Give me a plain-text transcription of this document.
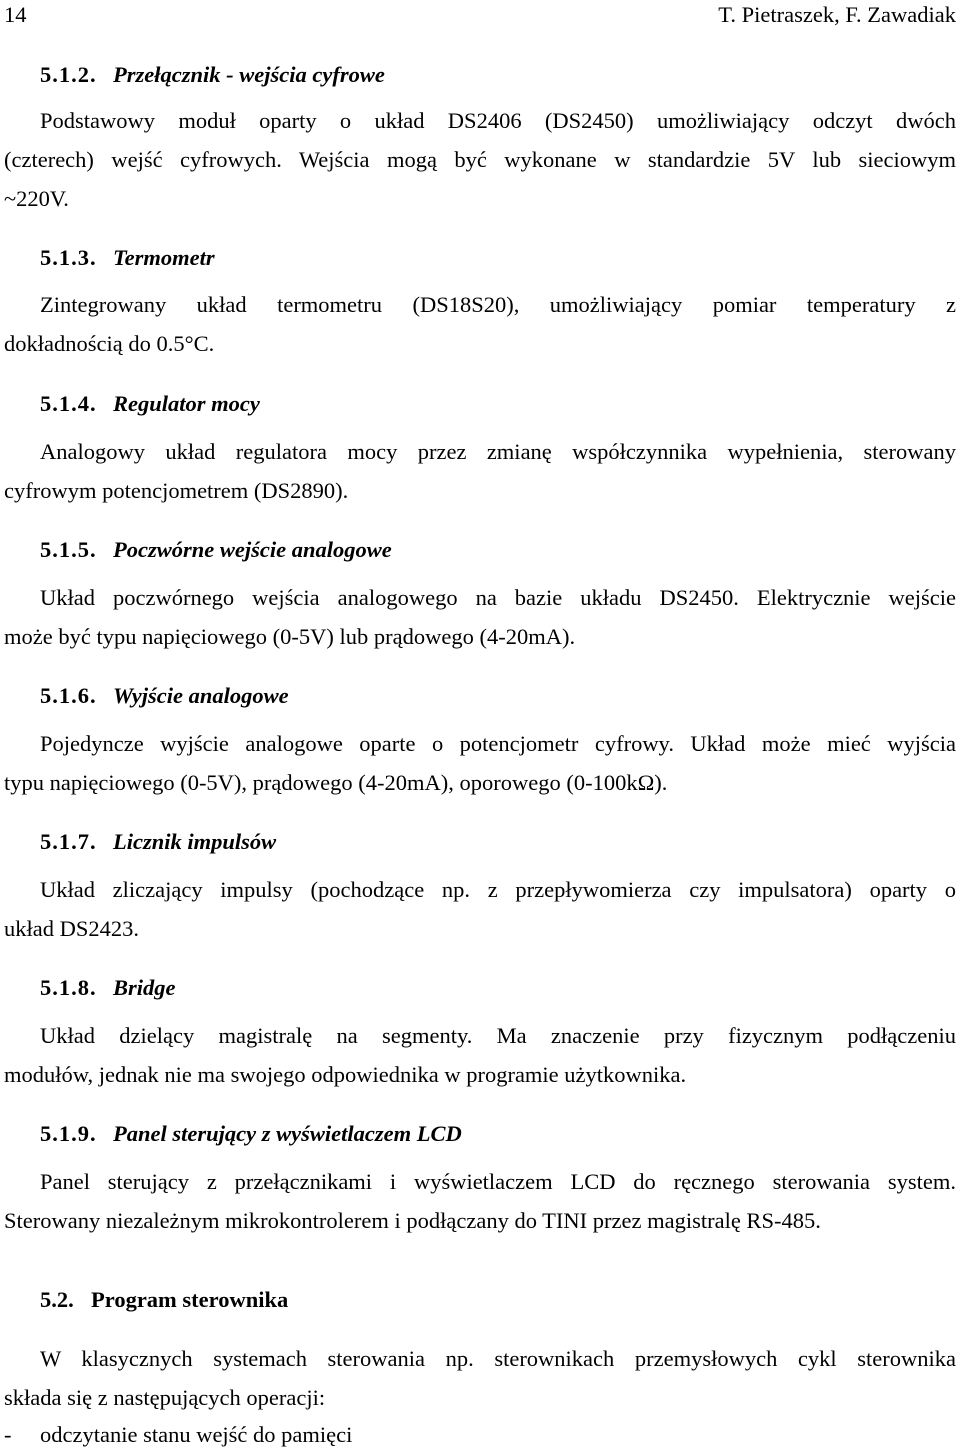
14	T. Pietraszek, F. Zawadiak
5.1.2. Przełącznik - wejścia cyfrowe
Podstawowy moduł oparty o układ DS2406 (DS2450) umożliwiający odczyt dwóch
(czterech) wejść cyfrowych. Wejścia mogą być wykonane w standardzie 5V lub sieciowym
~220V.
5.1.3. Termometr
Zintegrowany układ termometru (DS18S20), umożliwiający pomiar temperatury z
dokładnością do 0.5°C.
5.1.4. Regulator mocy
Analogowy układ regulatora mocy przez zmianę współczynnika wypełnienia, sterowany
cyfrowym potencjometrem (DS2890).
5.1.5. Poczwórne wejście analogowe
Układ poczwórnego wejścia analogowego na bazie układu DS2450. Elektrycznie wejście
może być typu napięciowego (0-5V) lub prądowego (4-20mA).
5.1.6. Wyjście analogowe
Pojedyncze wyjście analogowe oparte o potencjometr cyfrowy. Układ może mieć wyjścia
typu napięciowego (0-5V), prądowego (4-20mA), oporowego (0-100kΩ).
5.1.7. Licznik impulsów
Układ zliczający impulsy (pochodzące np. z przepływomierza czy impulsatora) oparty o
układ DS2423.
5.1.8. Bridge
Układ dzielący magistralę na segmenty. Ma znaczenie przy fizycznym podłączeniu
modułów, jednak nie ma swojego odpowiednika w programie użytkownika.
5.1.9. Panel sterujący z wyświetlaczem LCD
Panel sterujący z przełącznikami i wyświetlaczem LCD do ręcznego sterowania system.
Sterowany niezależnym mikrokontrolerem i podłączany do TINI przez magistralę RS-485.
5.2. Program sterownika
W klasycznych systemach sterowania np. sterownikach przemysłowych cykl sterownika
składa się z następujących operacji:
- odczytanie stanu wejść do pamięci
